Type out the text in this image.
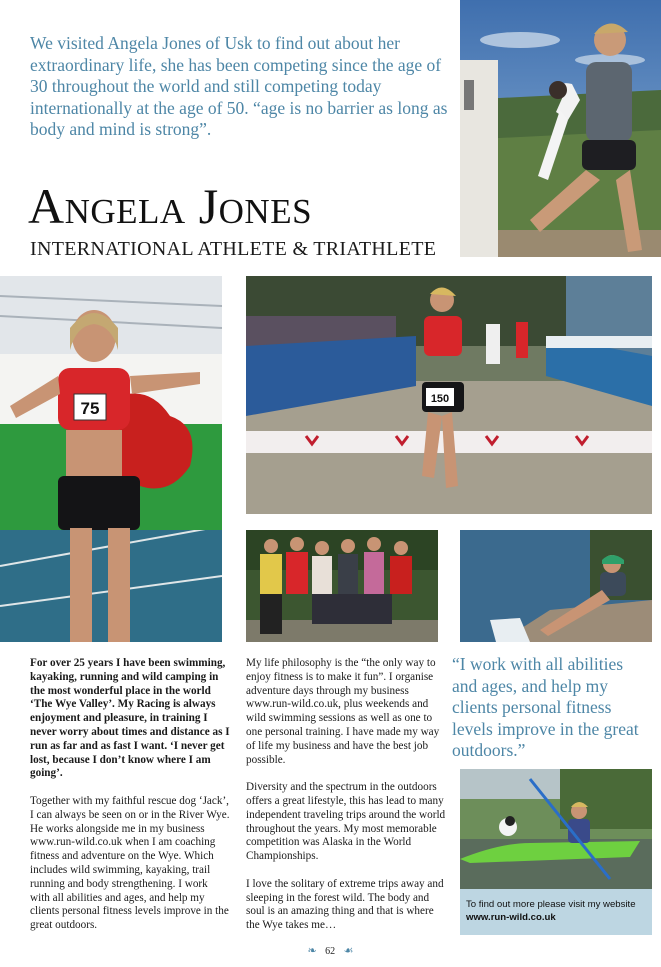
We visited Angela Jones of Usk to find out about her extraordinary life, she has been competing since the age of 30 throughout the world and still competing today internationally at the age of 50. “age is no barrier as long as body and mind is strong”.
Angela Jones
INTERNATIONAL ATHLETE & TRIATHLETE
75	150

For over 25 years I have been swimming, kayaking, running and wild camping in the most wonderful place in the world ‘The Wye Valley’. My Racing is always enjoyment and pleasure, in training I never worry about times and distance as I run as far and as fast I want. ‘I never get lost, because I don’t know where I am going’.

Together with my faithful rescue dog ‘Jack’, I can always be seen on or in the River Wye. He works alongside me in my business www.run-wild.co.uk when I am coaching fitness and adventure on the Wye. Which includes wild swimming, kayaking, trail running and body strengthening. I work with all abilities and ages, and help my clients personal fitness levels improve in the great outdoors.

My life philosophy is the “the only way to enjoy fitness is to make it fun”. I organise adventure days through my business www.run-wild.co.uk, plus weekends and wild swimming sessions as well as one to one personal training. I have made my way of life my business and have the best job possible.

Diversity and the spectrum in the outdoors offers a great lifestyle, this has lead to many independent traveling trips around the world throughout the years. My most memorable competition was Alaska in the World Championships.

I love the solitary of extreme trips away and sleeping in the forest wild. The body and soul is an amazing thing and that is where the Wye takes me…

“I work with all abilities and ages, and help my clients personal fitness levels improve in the great outdoors.”
To find out more please visit my website
www.run-wild.co.uk
❧ 62 ☙
